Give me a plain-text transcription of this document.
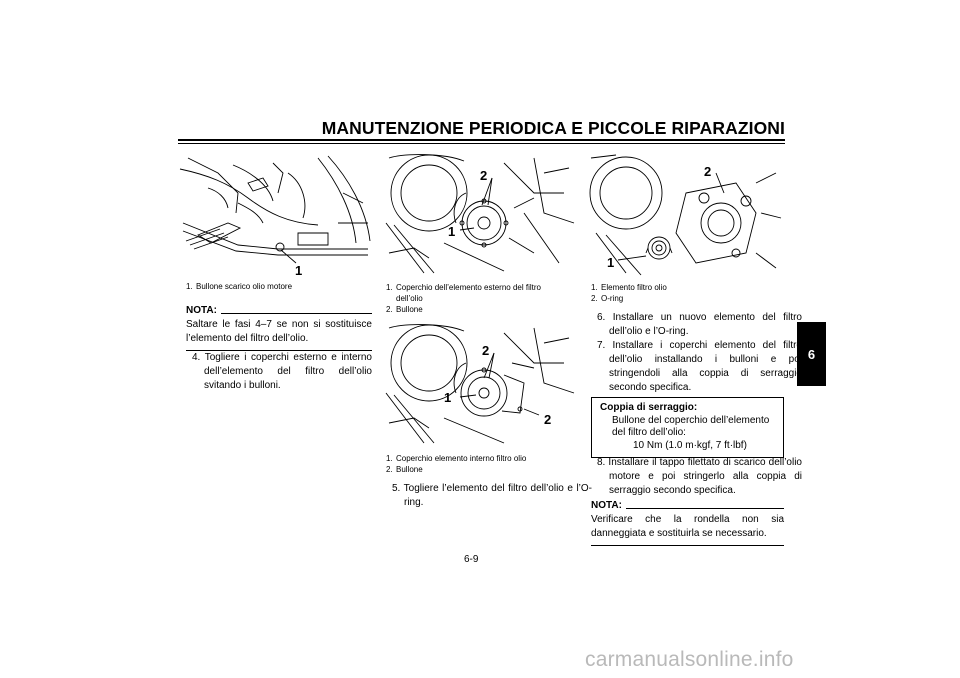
MANUTENZIONE PERIODICA E PICCOLE RIPARAZIONI
6
1
1. Bullone scarico olio motore
NOTA:
Saltare le fasi 4–7 se non si sostituisce l’elemento del filtro dell’olio.
4. Togliere i coperchi esterno e interno dell’elemento del filtro dell’olio svitando i bulloni.
2
1
1. Coperchio dell’elemento esterno del filtro
dell’olio
2. Bullone
2
1
2
1. Coperchio elemento interno filtro olio
2. Bullone
5. Togliere l’elemento del filtro dell’olio e l’O-ring.
2
1
1. Elemento filtro olio
2. O-ring
6. Installare un nuovo elemento del filtro dell’olio e l’O-ring.
7. Installare i coperchi elemento del filtro dell’olio installando i bulloni e poi stringendoli alla coppia di serraggio secondo specifica.
Coppia di serraggio:
Bullone del coperchio dell’elemento del filtro dell’olio:
10 Nm (1.0 m·kgf, 7 ft·lbf)
8. Installare il tappo filettato di scarico dell’olio motore e poi stringerlo alla coppia di serraggio secondo specifica.
NOTA:
Verificare che la rondella non sia danneggiata e sostituirla se necessario.
6-9
carmanualsonline.info
